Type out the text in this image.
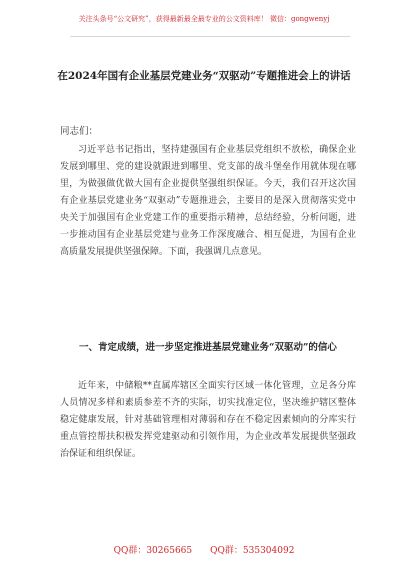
关注头条号“公文研究”，获得最新最全最专业的公文资料库！ 微信：gongwenyj
在2024年国有企业基层党建业务“双驱动”专题推进会上的讲话
同志们：

习近平总书记指出，坚持建强国有企业基层党组织不放松，确保企业发展到哪里、党的建设就跟进到哪里、党支部的战斗堡垒作用就体现在哪里，为做强做优做大国有企业提供坚强组织保证。今天，我们召开这次国有企业基层党建业务“双驱动”专题推进会，主要目的是深入贯彻落实党中央关于加强国有企业党建工作的重要指示精神，总结经验，分析问题，进一步推动国有企业基层党建与业务工作深度融合、相互促进，为国有企业高质量发展提供坚强保障。下面，我强调几点意见。

一、肯定成绩，进一步坚定推进基层党建业务“双驱动”的信心

近年来，中储粮**直属库辖区全面实行区域一体化管理，立足各分库人员情况多样和素质参差不齐的实际，切实找准定位，坚决维护辖区整体稳定健康发展，针对基础管理相对薄弱和存在不稳定因素倾向的分库实行重点管控帮扶积极发挥党建驱动和引领作用，为企业改革发展提供坚强政治保证和组织保证。

QQ群：30265665 QQ群：535304092
